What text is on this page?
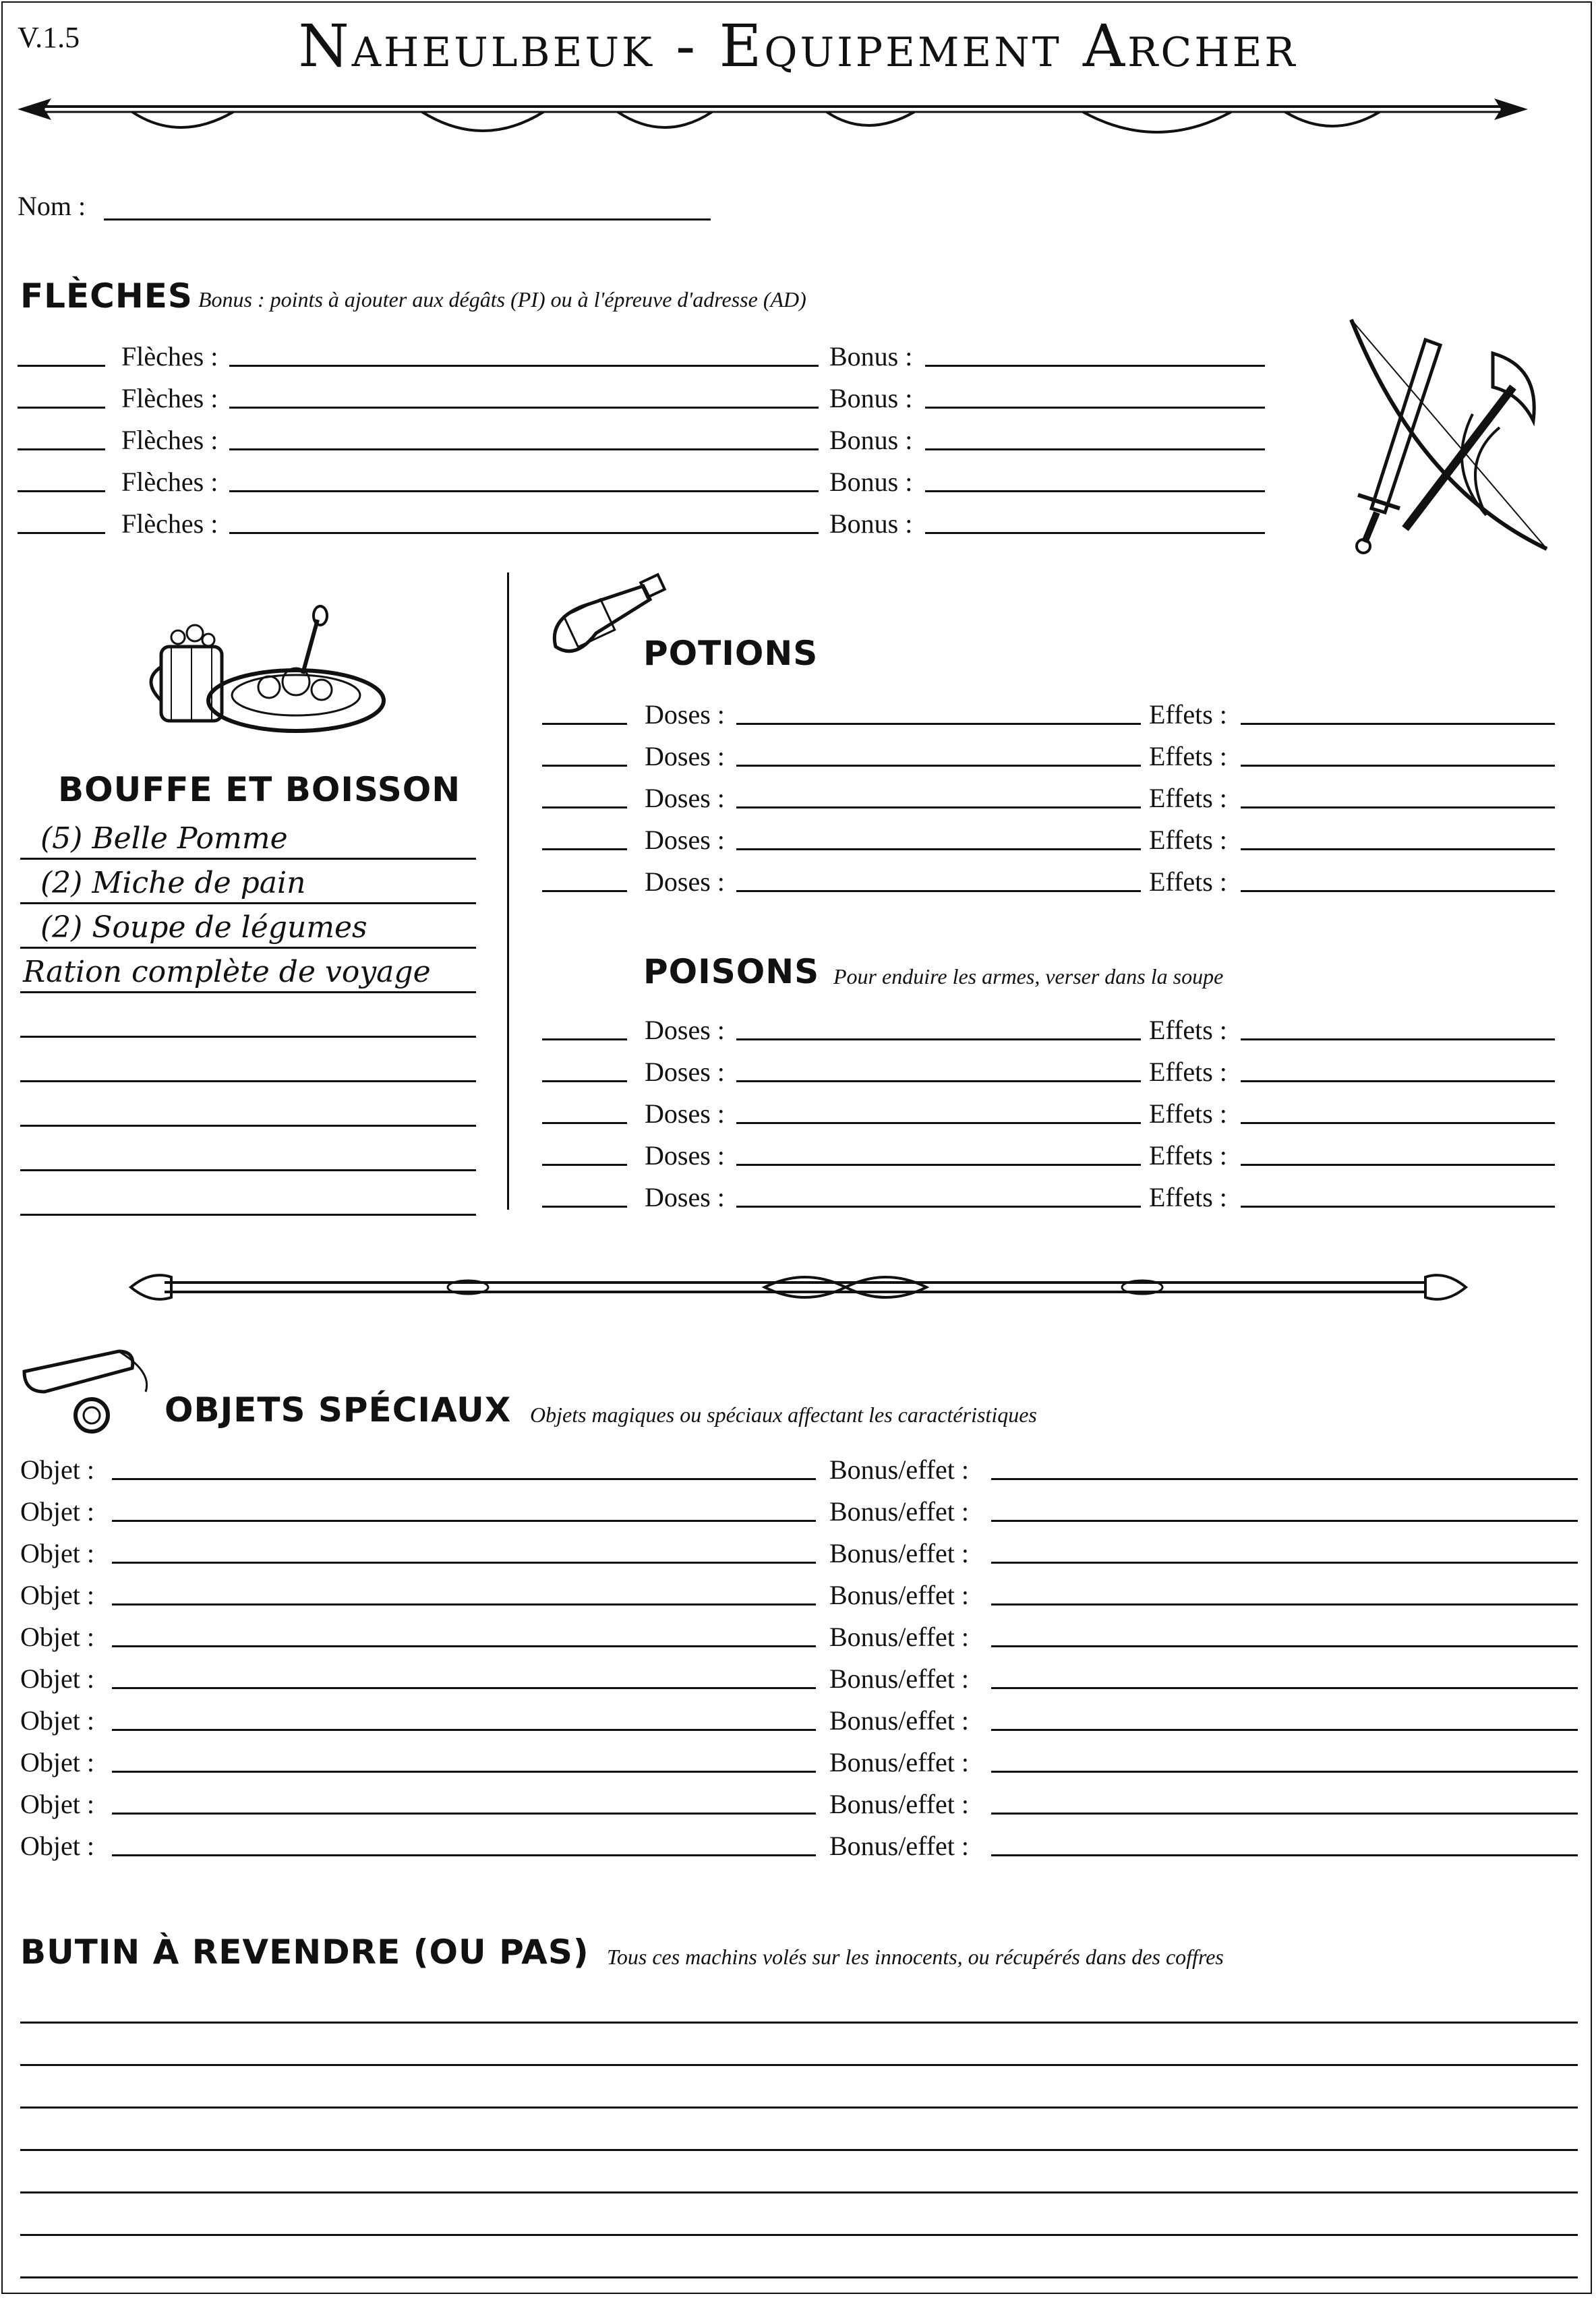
V.1.5	Naheulbeuk - Equipement Archer
Nom :
FLÈCHES Bonus : points à ajouter aux dégâts (PI) ou à l'épreuve d'adresse (AD)
Flèches :	Bonus :
Flèches :	Bonus :
Flèches :	Bonus :
Flèches :	Bonus :
Flèches :	Bonus :
BOUFFE ET BOISSON
(5) Belle Pomme
(2) Miche de pain
(2) Soupe de légumes
Ration complète de voyage
POTIONS
Doses :	Effets :
Doses :	Effets :
Doses :	Effets :
Doses :	Effets :
Doses :	Effets :
POISONS Pour enduire les armes, verser dans la soupe
Doses :	Effets :
Doses :	Effets :
Doses :	Effets :
Doses :	Effets :
Doses :	Effets :
OBJETS SPÉCIAUX Objets magiques ou spéciaux affectant les caractéristiques
Objet :	Bonus/effet :
Objet :	Bonus/effet :
Objet :	Bonus/effet :
Objet :	Bonus/effet :
Objet :	Bonus/effet :
Objet :	Bonus/effet :
Objet :	Bonus/effet :
Objet :	Bonus/effet :
Objet :	Bonus/effet :
Objet :	Bonus/effet :
BUTIN À REVENDRE (OU PAS) Tous ces machins volés sur les innocents, ou récupérés dans des coffres
